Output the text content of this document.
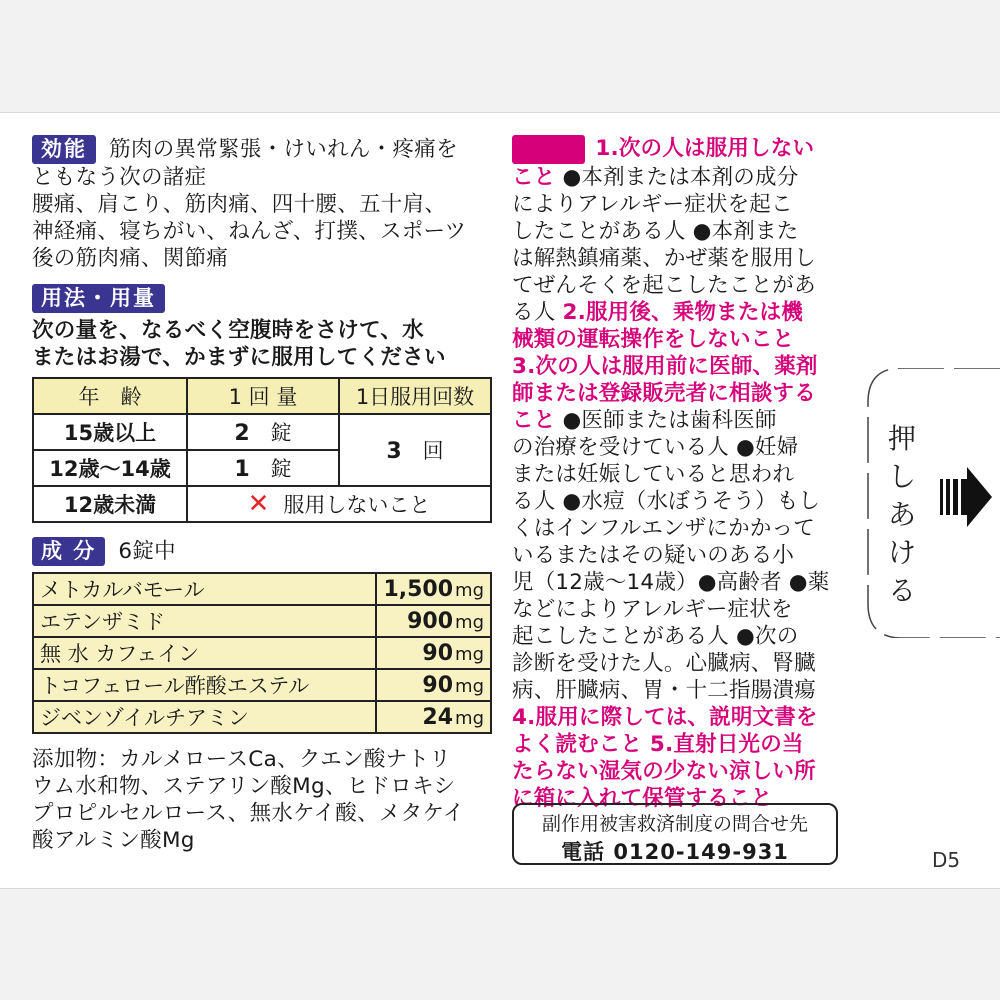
効能 筋肉の異常緊張・けいれん・疼痛を
ともなう次の諸症
腰痛、肩こり、筋肉痛、四十腰、五十肩、
神経痛、寝ちがい、ねんざ、打撲、スポーツ
後の筋肉痛、関節痛
用法・用量
次の量を、なるべく空腹時をさけて、水
またはお湯で、かまずに服用してください
年　齢	1 回 量	1日服用回数
15歳以上	2　 錠	3　 回
12歳〜14歳	1　 錠	
12歳未満	✕ 服用しないこと	
成 分 6錠中
メトカルバモール	1,500 mg
エテンザミド	900 mg
無 水 カフェイン	90 mg
トコフェロール酢酸エステル	90 mg
ジベンゾイルチアミン	24 mg
添加物：カルメロースCa、クエン酸ナトリ
ウム水和物、ステアリン酸Mg、ヒドロキシ
プロピルセルロース、無水ケイ酸、メタケイ
酸アルミン酸Mg
注 意 1.次の人は服用しない
こと ●本剤または本剤の成分
によりアレルギー症状を起こ
したことがある人 ●本剤また
は解熱鎮痛薬、かぜ薬を服用し
てぜんそくを起こしたことがあ
る人 2.服用後、乗物または機
械類の運転操作をしないこと
3.次の人は服用前に医師、薬剤
師または登録販売者に相談する
こと ●医師または歯科医師
の治療を受けている人 ●妊婦
または妊娠していると思われ
る人 ●水痘（水ぼうそう）もし
くはインフルエンザにかかって
いるまたはその疑いのある小
児（12歳〜14歳）●高齢者 ●薬
などによりアレルギー症状を
起こしたことがある人 ●次の
診断を受けた人。心臓病、腎臓
病、肝臓病、胃・十二指腸潰瘍
4.服用に際しては、説明文書を
よく読むこと 5.直射日光の当
たらない湿気の少ない涼しい所
に箱に入れて保管すること
副作用被害救済制度の問合せ先
電話 0120-149-931	D5
押しあける
